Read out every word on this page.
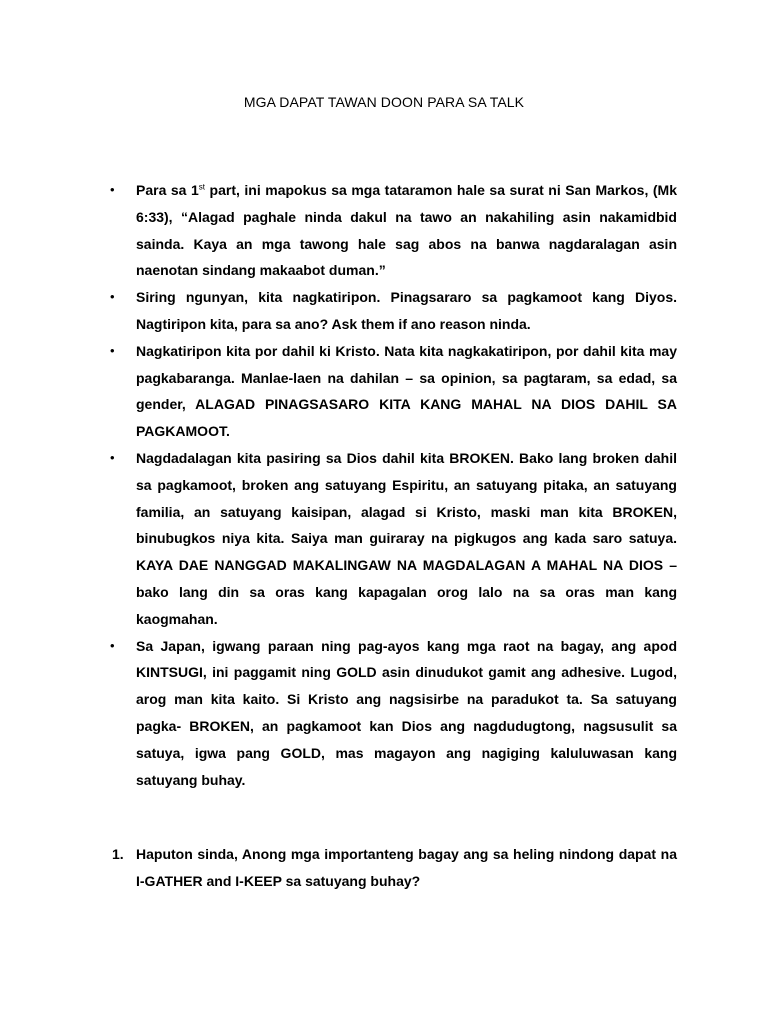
MGA DAPAT TAWAN DOON PARA SA TALK
• Para sa 1st part, ini mapokus sa mga tataramon hale sa surat ni San Markos, (Mk 6:33), “Alagad paghale ninda dakul na tawo an nakahiling asin nakamidbid sainda. Kaya an mga tawong hale sag abos na banwa nagdaralagan asin naenotan sindang makaabot duman.”
• Siring ngunyan, kita nagkatiripon. Pinagsararo sa pagkamoot kang Diyos. Nagtiripon kita, para sa ano? Ask them if ano reason ninda.
• Nagkatiripon kita por dahil ki Kristo. Nata kita nagkakatiripon, por dahil kita may pagkabaranga. Manlae-laen na dahilan – sa opinion, sa pagtaram, sa edad, sa gender, ALAGAD PINAGSASARO KITA KANG MAHAL NA DIOS DAHIL SA PAGKAMOOT.
• Nagdadalagan kita pasiring sa Dios dahil kita BROKEN. Bako lang broken dahil sa pagkamoot, broken ang satuyang Espiritu, an satuyang pitaka, an satuyang familia, an satuyang kaisipan, alagad si Kristo, maski man kita BROKEN, binubugkos niya kita. Saiya man guiraray na pigkugos ang kada saro satuya. KAYA DAE NANGGAD MAKALINGAW NA MAGDALAGAN A MAHAL NA DIOS – bako lang din sa oras kang kapagalan orog lalo na sa oras man kang kaogmahan.
• Sa Japan, igwang paraan ning pag-ayos kang mga raot na bagay, ang apod KINTSUGI, ini paggamit ning GOLD asin dinudukot gamit ang adhesive. Lugod, arog man kita kaito. Si Kristo ang nagsisirbe na paradukot ta. Sa satuyang pagka- BROKEN, an pagkamoot kan Dios ang nagdudugtong, nagsusulit sa satuya, igwa pang GOLD, mas magayon ang nagiging kaluluwasan kang satuyang buhay.
1. Haputon sinda, Anong mga importanteng bagay ang sa heling nindong dapat na I-GATHER and I-KEEP sa satuyang buhay?
